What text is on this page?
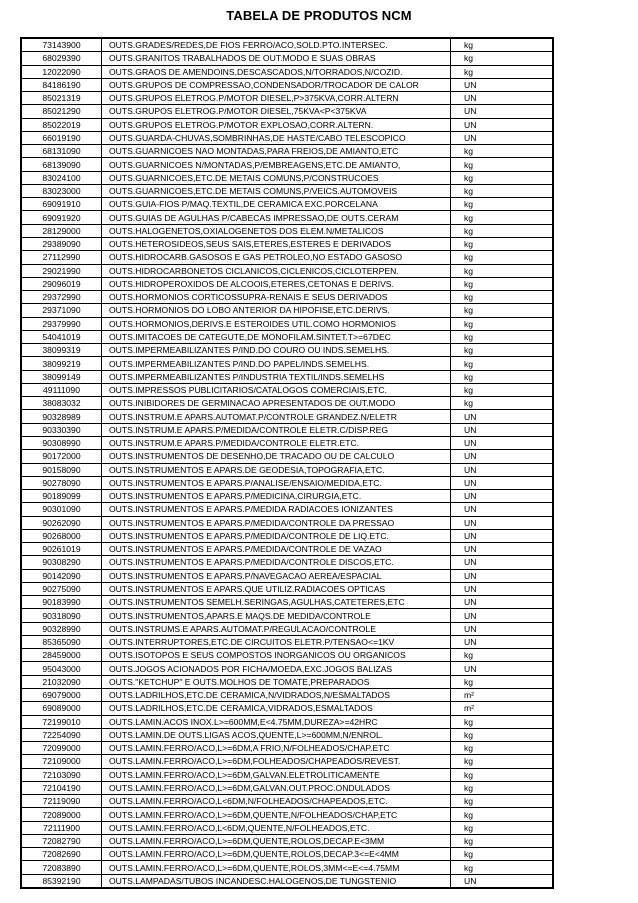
TABELA DE PRODUTOS NCM
73143900	OUTS.GRADES/REDES,DE FIOS FERRO/ACO,SOLD.PTO.INTERSEC.	kg
68029390	OUTS.GRANITOS TRABALHADOS DE OUT.MODO E SUAS OBRAS	kg
12022090	OUTS.GRAOS DE AMENDOINS,DESCASCADOS,N/TORRADOS,N/COZID.	kg
84186190	OUTS.GRUPOS DE COMPRESSAO,CONDENSADOR/TROCADOR DE CALOR	UN
85021319	OUTS.GRUPOS ELETROG.P/MOTOR DIESEL,P>375KVA,CORR.ALTERN	UN
85021290	OUTS.GRUPOS ELETROG.P/MOTOR DIESEL,75KVA<P<375KVA	UN
85022019	OUTS.GRUPOS ELETROG.P/MOTOR EXPLOSAO,CORR.ALTERN.	UN
66019190	OUTS.GUARDA-CHUVAS,SOMBRINHAS,DE HASTE/CABO TELESCOPICO	UN
68131090	OUTS.GUARNICOES NAO MONTADAS,PARA FREIOS,DE AMIANTO,ETC	kg
68139090	OUTS.GUARNICOES N/MONTADAS,P/EMBREAGENS,ETC.DE AMIANTO,	kg
83024100	OUTS.GUARNICOES,ETC.DE METAIS COMUNS,P/CONSTRUCOES	kg
83023000	OUTS.GUARNICOES,ETC.DE METAIS COMUNS,P/VEICS.AUTOMOVEIS	kg
69091910	OUTS.GUIA-FIOS P/MAQ.TEXTIL,DE CERAMICA EXC.PORCELANA	kg
69091920	OUTS.GUIAS DE AGULHAS P/CABECAS IMPRESSAO,DE OUTS.CERAM	kg
28129000	OUTS.HALOGENETOS,OXIALOGENETOS DOS ELEM.N/METALICOS	kg
29389090	OUTS.HETEROSIDEOS,SEUS SAIS,ETERES,ESTERES E DERIVADOS	kg
27112990	OUTS.HIDROCARB.GASOSOS E GAS PETROLEO,NO ESTADO GASOSO	kg
29021990	OUTS.HIDROCARBONETOS CICLANICOS,CICLENICOS,CICLOTERPEN.	kg
29096019	OUTS.HIDROPEROXIDOS DE ALCOOIS,ETERES,CETONAS E DERIVS.	kg
29372990	OUTS.HORMONIOS CORTICOSSUPRA-RENAIS E SEUS DERIVADOS	kg
29371090	OUTS.HORMONIOS DO LOBO ANTERIOR DA HIPOFISE,ETC.DERIVS.	kg
29379990	OUTS.HORMONIOS,DERIVS.E ESTEROIDES UTIL.COMO HORMONIOS	kg
54041019	OUTS.IMITACOES DE CATEGUTE,DE MONOFILAM.SINTET.T>=67DEC	kg
38099319	OUTS.IMPERMEABILIZANTES P/IND.DO COURO OU INDS.SEMELHS.	kg
38099219	OUTS.IMPERMEABILIZANTES P/IND.DO PAPEL/INDS.SEMELHS.	kg
38099149	OUTS.IMPERMEABILIZANTES P/INDUSTRIA TEXTIL/INDS.SEMELHS	kg
49111090	OUTS.IMPRESSOS PUBLICITARIOS/CATALOGOS COMERCIAIS,ETC.	kg
38083032	OUTS.INIBIDORES DE GERMINACAO APRESENTADOS DE OUT.MODO	kg
90328989	OUTS.INSTRUM.E APARS.AUTOMAT.P/CONTROLE GRANDEZ.N/ELETR	UN
90330390	OUTS.INSTRUM.E APARS.P/MEDIDA/CONTROLE ELETR.C/DISP.REG	UN
90308990	OUTS.INSTRUM.E APARS.P/MEDIDA/CONTROLE ELETR.ETC.	UN
90172000	OUTS.INSTRUMENTOS DE DESENHO,DE TRACADO OU DE CALCULO	UN
90158090	OUTS.INSTRUMENTOS E APARS.DE GEODESIA,TOPOGRAFIA,ETC.	UN
90278090	OUTS.INSTRUMENTOS E APARS.P/ANALISE/ENSAIO/MEDIDA,ETC.	UN
90189099	OUTS.INSTRUMENTOS E APARS.P/MEDICINA,CIRURGIA,ETC.	UN
90301090	OUTS.INSTRUMENTOS E APARS.P/MEDIDA RADIACOES IONIZANTES	UN
90262090	OUTS.INSTRUMENTOS E APARS.P/MEDIDA/CONTROLE DA PRESSAO	UN
90268000	OUTS.INSTRUMENTOS E APARS.P/MEDIDA/CONTROLE DE LIQ.ETC.	UN
90261019	OUTS.INSTRUMENTOS E APARS.P/MEDIDA/CONTROLE DE VAZAO	UN
90308290	OUTS.INSTRUMENTOS E APARS.P/MEDIDA/CONTROLE DISCOS,ETC.	UN
90142090	OUTS.INSTRUMENTOS E APARS.P/NAVEGACAO AEREA/ESPACIAL	UN
90275090	OUTS.INSTRUMENTOS E APARS.QUE UTILIZ.RADIACOES OPTICAS	UN
90183990	OUTS.INSTRUMENTOS SEMELH.SERINGAS,AGULHAS,CATETERES,ETC	UN
90318090	OUTS.INSTRUMENTOS,APARS.E MAQS.DE MEDIDA/CONTROLE	UN
90328990	OUTS.INSTRUMS.E APARS.AUTOMAT.P/REGULACAO/CONTROLE	UN
85365090	OUTS.INTERRUPTORES,ETC.DE CIRCUITOS ELETR.P/TENSAO<=1KV	UN
28459000	OUTS.ISOTOPOS E SEUS COMPOSTOS INORGANICOS OU ORGANICOS	kg
95043000	OUTS.JOGOS ACIONADOS POR FICHA/MOEDA,EXC.JOGOS BALIZAS	UN
21032090	OUTS."KETCHUP" E OUTS.MOLHOS DE TOMATE,PREPARADOS	kg
69079000	OUTS.LADRILHOS,ETC.DE CERAMICA,N/VIDRADOS,N/ESMALTADOS	m²
69089000	OUTS.LADRILHOS,ETC.DE CERAMICA,VIDRADOS,ESMALTADOS	m²
72199010	OUTS.LAMIN.ACOS INOX.L>=600MM,E<4.75MM,DUREZA>=42HRC	kg
72254090	OUTS.LAMIN.DE OUTS.LIGAS ACOS,QUENTE,L>=600MM,N/ENROL.	kg
72099000	OUTS.LAMIN.FERRO/ACO,L>=6DM,A FRIO,N/FOLHEADOS/CHAP.ETC	kg
72109000	OUTS.LAMIN.FERRO/ACO,L>=6DM,FOLHEADOS/CHAPEADOS/REVEST.	kg
72103090	OUTS.LAMIN.FERRO/ACO,L>=6DM,GALVAN.ELETROLITICAMENTE	kg
72104190	OUTS.LAMIN.FERRO/ACO,L>=6DM,GALVAN.OUT.PROC.ONDULADOS	kg
72119090	OUTS.LAMIN.FERRO/ACO,L<6DM,N/FOLHEADOS/CHAPEADOS,ETC.	kg
72089000	OUTS.LAMIN.FERRO/ACO,L>=6DM,QUENTE,N/FOLHEADOS/CHAP,ETC	kg
72111900	OUTS.LAMIN.FERRO/ACO,L<6DM,QUENTE,N/FOLHEADOS,ETC.	kg
72082790	OUTS.LAMIN.FERRO/ACO,L>=6DM,QUENTE,ROLOS,DECAP.E<3MM	kg
72082690	OUTS.LAMIN.FERRO/ACO,L>=6DM,QUENTE,ROLOS,DECAP.3<=E<4MM	kg
72083890	OUTS.LAMIN.FERRO/ACO,L>=6DM,QUENTE,ROLOS,3MM<=E<=4.75MM	kg
85392190	OUTS.LAMPADAS/TUBOS INCANDESC.HALOGENOS,DE TUNGSTENIO	UN
